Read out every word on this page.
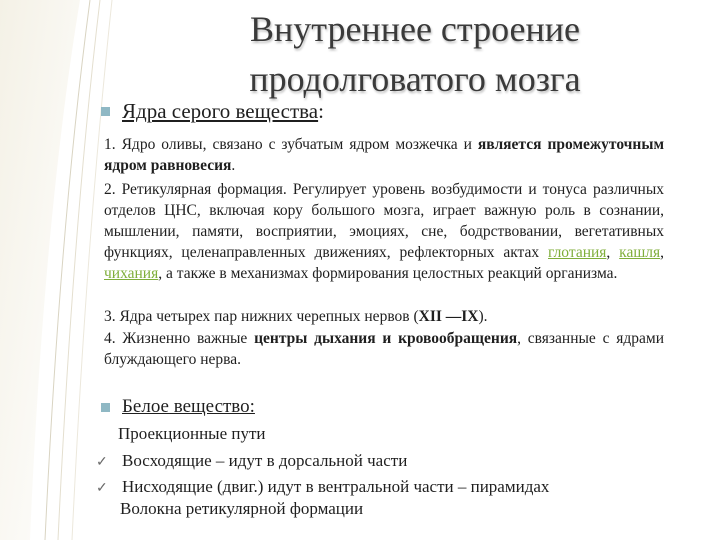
Внутреннее строение
продолговатого мозга
Ядра серого вещества :
1. Ядро оливы, связано с зубчатым ядром мозжечка и является промежуточным ядром равновесия.
2. Ретикулярная формация. Регулирует уровень возбудимости и тонуса различных отделов ЦНС, включая кору большого мозга, играет важную роль в сознании, мышлении, памяти, восприятии, эмоциях, сне, бодрствовании, вегетативных функциях, целенаправленных движениях, рефлекторных актах глотания, кашля, чихания, а также в механизмах формирования целостных реакций организма.
3. Ядра четырех пар нижних черепных нервов (XII —IX).
4. Жизненно важные центры дыхания и кровообращения, связанные с ядрами блуждающего нерва.
Белое вещество:
Проекционные пути
✓ Восходящие – идут в дорсальной части
✓ Нисходящие (двиг.) идут в вентральной части – пирамидах
Волокна ретикулярной формации
